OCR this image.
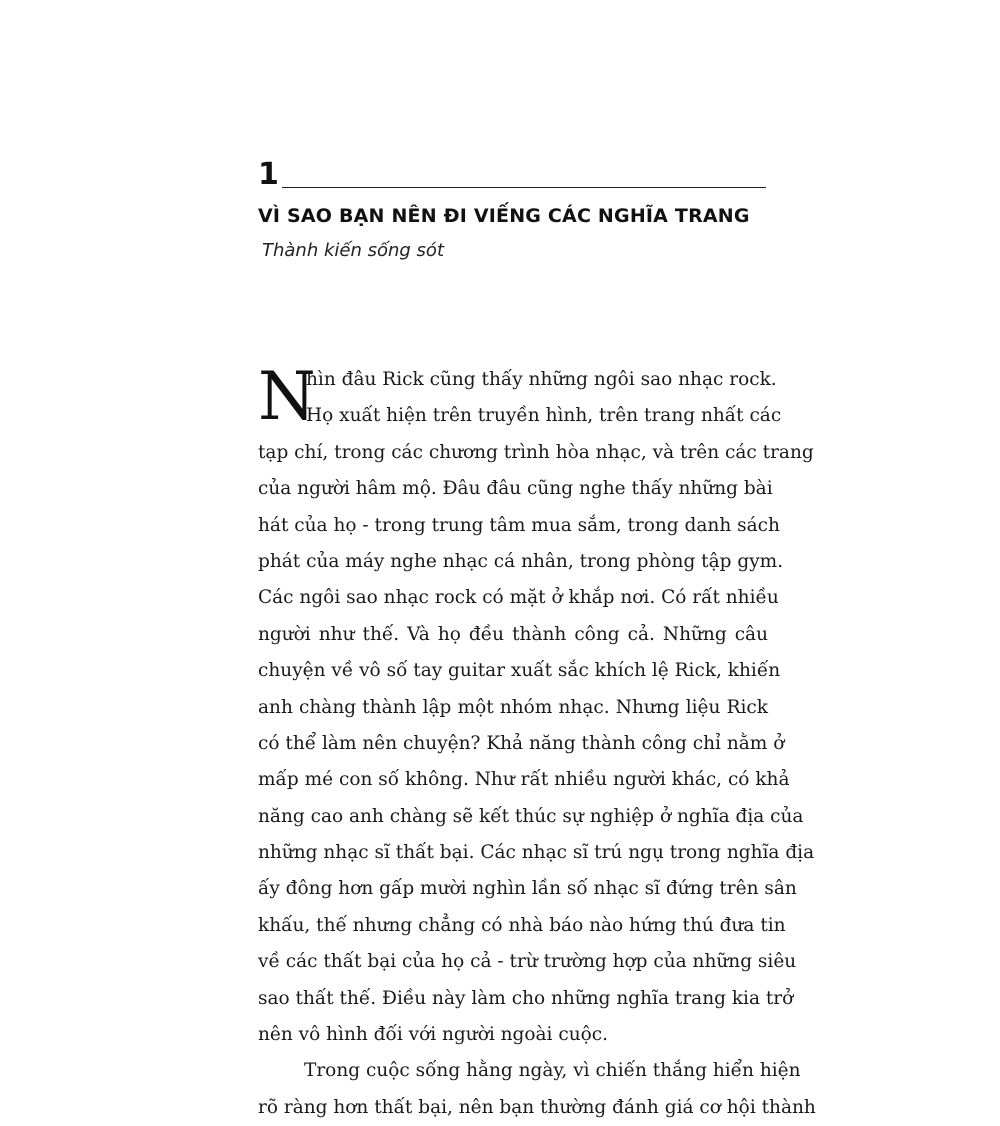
1
VÌ SAO BẠN NÊN ĐI VIẾNG CÁC NGHĨA TRANG
Thành kiến sống sót
N
hìn đâu Rick cũng thấy những ngôi sao nhạc rock.
Họ xuất hiện trên truyền hình, trên trang nhất các
tạp chí, trong các chương trình hòa nhạc, và trên các trang
của người hâm mộ. Đâu đâu cũng nghe thấy những bài
hát của họ - trong trung tâm mua sắm, trong danh sách
phát của máy nghe nhạc cá nhân, trong phòng tập gym.
Các ngôi sao nhạc rock có mặt ở khắp nơi. Có rất nhiều
người như thế. Và họ đều thành công cả. Những câu
chuyện về vô số tay guitar xuất sắc khích lệ Rick, khiến
anh chàng thành lập một nhóm nhạc. Nhưng liệu Rick
có thể làm nên chuyện? Khả năng thành công chỉ nằm ở
mấp mé con số không. Như rất nhiều người khác, có khả
năng cao anh chàng sẽ kết thúc sự nghiệp ở nghĩa địa của
những nhạc sĩ thất bại. Các nhạc sĩ trú ngụ trong nghĩa địa
ấy đông hơn gấp mười nghìn lần số nhạc sĩ đứng trên sân
khấu, thế nhưng chẳng có nhà báo nào hứng thú đưa tin
về các thất bại của họ cả - trừ trường hợp của những siêu
sao thất thế. Điều này làm cho những nghĩa trang kia trở
nên vô hình đối với người ngoài cuộc.
Trong cuộc sống hằng ngày, vì chiến thắng hiển hiện
rõ ràng hơn thất bại, nên bạn thường đánh giá cơ hội thành
